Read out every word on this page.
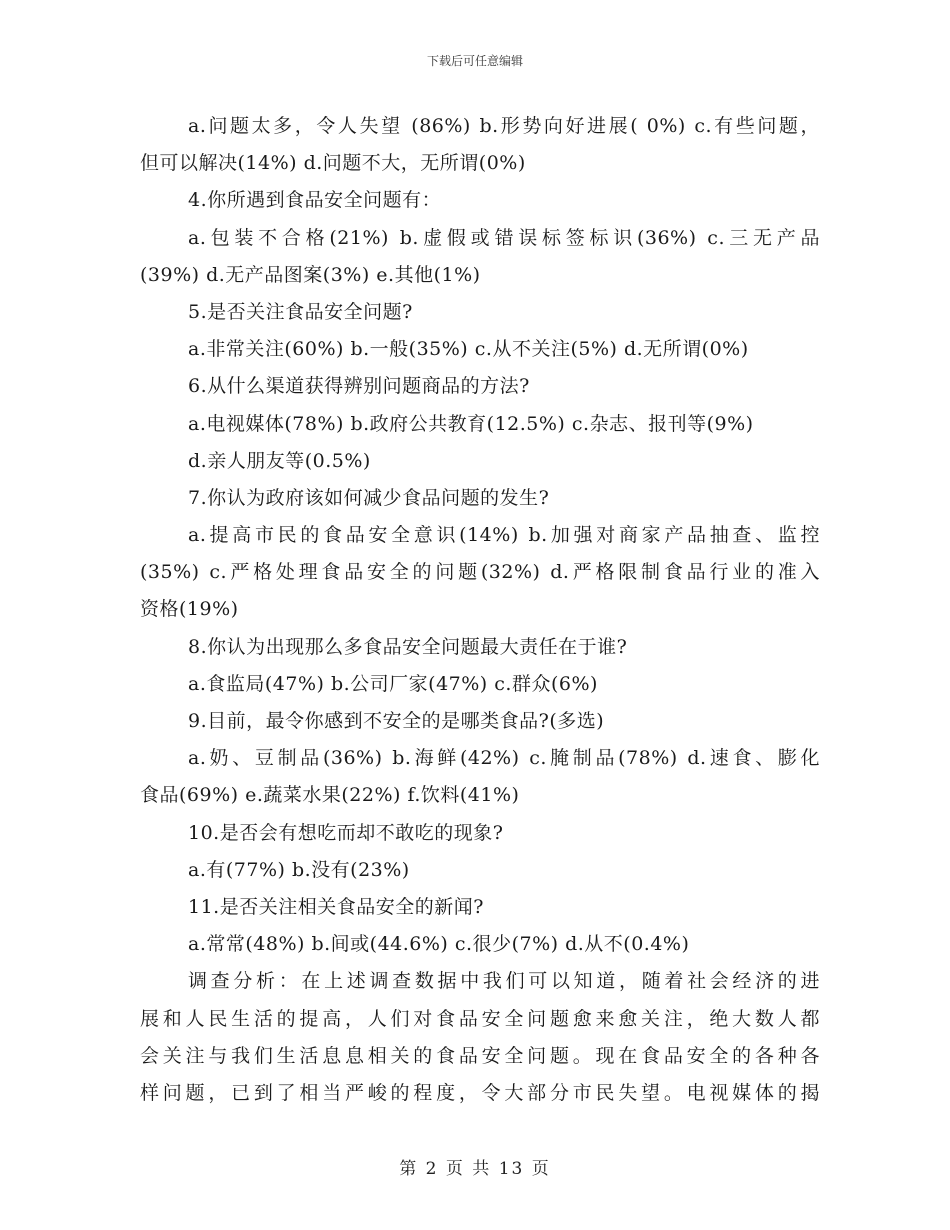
下载后可任意编辑
a.问题太多，令人失望 (86%) b.形势向好进展( 0%) c.有些问题，
但可以解决(14%) d.问题不大，无所谓(0%)
4.你所遇到食品安全问题有：
a.包装不合格(21%) b.虚假或错误标签标识(36%) c.三无产品
(39%) d.无产品图案(3%) e.其他(1%)
5.是否关注食品安全问题?
a.非常关注(60%) b.一般(35%) c.从不关注(5%) d.无所谓(0%)
6.从什么渠道获得辨别问题商品的方法?
a.电视媒体(78%) b.政府公共教育(12.5%) c.杂志、报刊等(9%)
d.亲人朋友等(0.5%)
7.你认为政府该如何减少食品问题的发生?
a.提高市民的食品安全意识(14%) b.加强对商家产品抽查、监控
(35%) c.严格处理食品安全的问题(32%) d.严格限制食品行业的准入
资格(19%)
8.你认为出现那么多食品安全问题最大责任在于谁?
a.食监局(47%) b.公司厂家(47%) c.群众(6%)
9.目前，最令你感到不安全的是哪类食品?(多选)
a.奶、豆制品(36%) b.海鲜(42%) c.腌制品(78%) d.速食、膨化
食品(69%) e.蔬菜水果(22%) f.饮料(41%)
10.是否会有想吃而却不敢吃的现象?
a.有(77%) b.没有(23%)
11.是否关注相关食品安全的新闻?
a.常常(48%) b.间或(44.6%) c.很少(7%) d.从不(0.4%)
调查分析：在上述调查数据中我们可以知道，随着社会经济的进
展和人民生活的提高，人们对食品安全问题愈来愈关注，绝大数人都
会关注与我们生活息息相关的食品安全问题。现在食品安全的各种各
样问题，已到了相当严峻的程度，令大部分市民失望。电视媒体的揭
第 2 页 共 13 页
